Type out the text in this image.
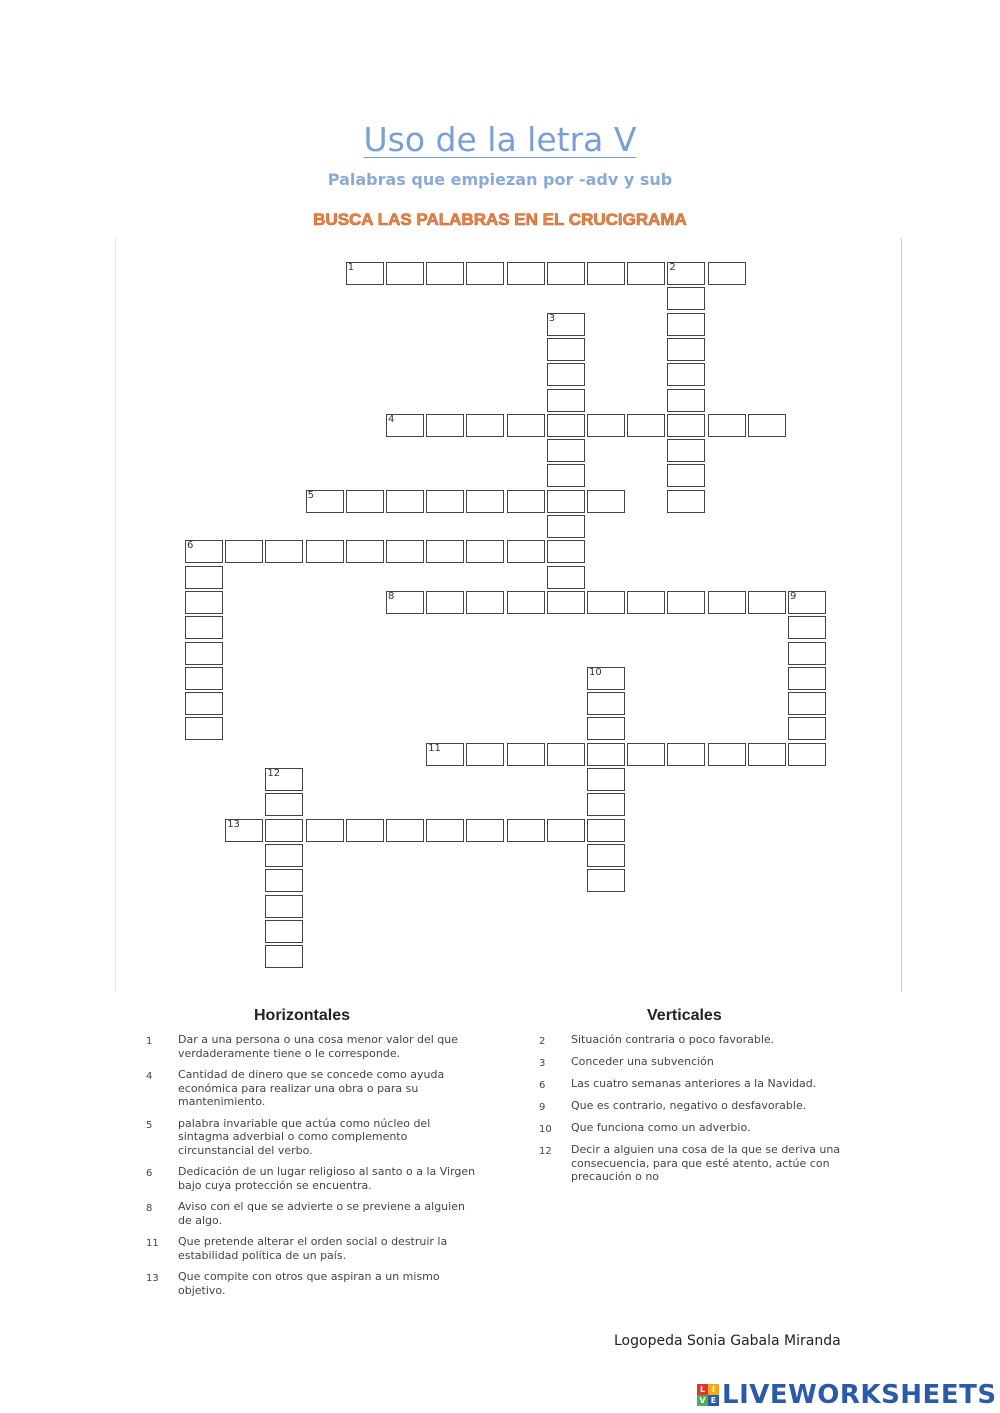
Uso de la letra V
Palabras que empiezan por -adv y sub
BUSCA LAS PALABRAS EN EL CRUCIGRAMA
1	2
3
4
5
6
8	9
10
11
12
13
Horizontales
1	Dar a una persona o una cosa menor valor del que verdaderamente tiene o le corresponde.
4	Cantidad de dinero que se concede como ayuda económica para realizar una obra o para su mantenimiento.
5	palabra invariable que actúa como núcleo del sintagma adverbial o como complemento circunstancial del verbo.
6	Dedicación de un lugar religioso al santo o a la Virgen bajo cuya protección se encuentra.
8	Aviso con el que se advierte o se previene a alguien de algo.
11	Que pretende alterar el orden social o destruir la estabilidad política de un país.
13	Que compite con otros que aspiran a un mismo objetivo.
Verticales
2	Situación contraria o poco favorable.
3	Conceder una subvención
6	Las cuatro semanas anteriores a la Navidad.
9	Que es contrario, negativo o desfavorable.
10	Que funciona como un adverbio.
12	Decir a alguien una cosa de la que se deriva una consecuencia, para que esté atento, actúe con precaución o no
Logopeda Sonia Gabala Miranda
L I
V E LIVEWORKSHEETS
